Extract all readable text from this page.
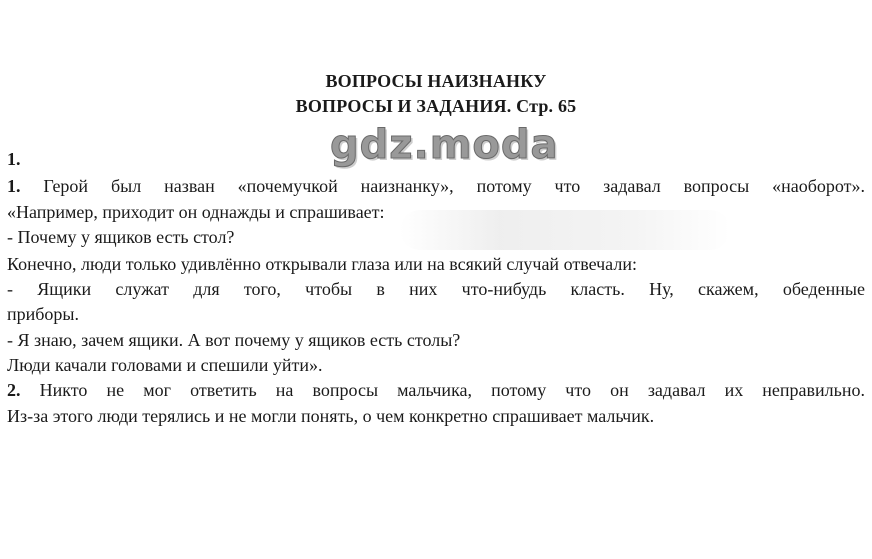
ВОПРОСЫ НАИЗНАНКУ
ВОПРОСЫ И ЗАДАНИЯ. Стр. 65
gdz.moda
1.
1. Герой был назван «почемучкой наизнанку», потому что задавал вопросы «наоборот».
«Например, приходит он однажды и спрашивает:
- Почему у ящиков есть стол?
Конечно, люди только удивлённо открывали глаза или на всякий случай отвечали:
- Ящики служат для того, чтобы в них что-нибудь класть. Ну, скажем, обеденные
приборы.
- Я знаю, зачем ящики. А вот почему у ящиков есть столы?
Люди качали головами и спешили уйти».
2. Никто не мог ответить на вопросы мальчика, потому что он задавал их неправильно.
Из-за этого люди терялись и не могли понять, о чем конкретно спрашивает мальчик.
